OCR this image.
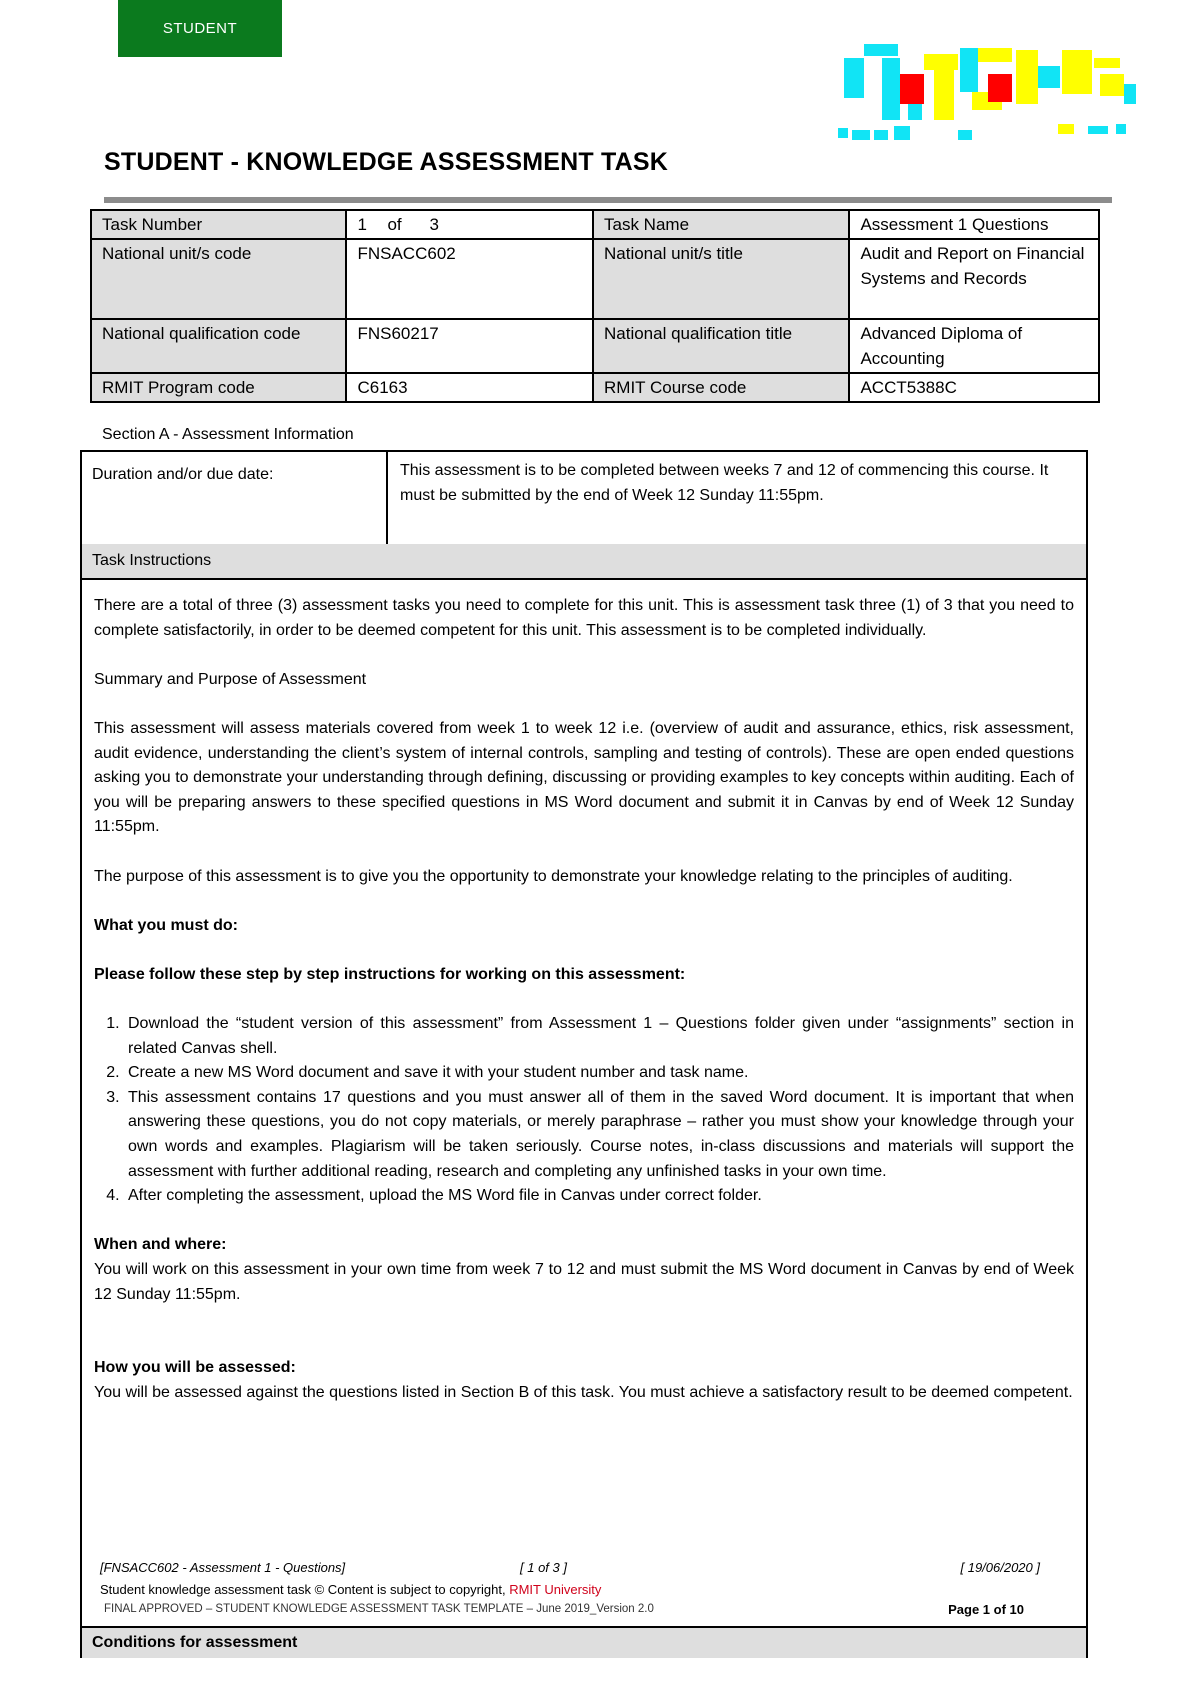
STUDENT
STUDENT - KNOWLEDGE ASSESSMENT TASK
Task Number	1 of 3	Task Name	Assessment 1 Questions
National unit/s code	FNSACC602	National unit/s title	Audit and Report on Financial Systems and Records
National qualification code	FNS60217	National qualification title	Advanced Diploma of Accounting
RMIT Program code	C6163	RMIT Course code	ACCT5388C
Section A - Assessment Information
Duration and/or due date:	This assessment is to be completed between weeks 7 and 12 of commencing this course. It must be submitted by the end of Week 12 Sunday 11:55pm.
Task Instructions

There are a total of three (3) assessment tasks you need to complete for this unit. This is assessment task three (1) of 3 that you need to complete satisfactorily, in order to be deemed competent for this unit. This assessment is to be completed individually.

Summary and Purpose of Assessment

This assessment will assess materials covered from week 1 to week 12 i.e. (overview of audit and assurance, ethics, risk assessment, audit evidence, understanding the client’s system of internal controls, sampling and testing of controls). These are open ended questions asking you to demonstrate your understanding through defining, discussing or providing examples to key concepts within auditing. Each of you will be preparing answers to these specified questions in MS Word document and submit it in Canvas by end of Week 12 Sunday 11:55pm.

The purpose of this assessment is to give you the opportunity to demonstrate your knowledge relating to the principles of auditing.

What you must do:

Please follow these step by step instructions for working on this assessment:

1. Download the “student version of this assessment” from Assessment 1 – Questions folder given under “assignments” section in related Canvas shell.
2. Create a new MS Word document and save it with your student number and task name.
3. This assessment contains 17 questions and you must answer all of them in the saved Word document. It is important that when answering these questions, you do not copy materials, or merely paraphrase – rather you must show your knowledge through your own words and examples. Plagiarism will be taken seriously. Course notes, in-class discussions and materials will support the assessment with further additional reading, research and completing any unfinished tasks in your own time.
4. After completing the assessment, upload the MS Word file in Canvas under correct folder.

When and where:

You will work on this assessment in your own time from week 7 to 12 and must submit the MS Word document in Canvas by end of Week 12 Sunday 11:55pm.

How you will be assessed:

You will be assessed against the questions listed in Section B of this task. You must achieve a satisfactory result to be deemed competent.

Conditions for assessment
[FNSACC602 - Assessment 1 - Questions]	[ 1 of 3 ]	[ 19/06/2020 ]
Student knowledge assessment task © Content is subject to copyright, RMIT University
FINAL APPROVED – STUDENT KNOWLEDGE ASSESSMENT TASK TEMPLATE – June 2019_Version 2.0	Page 1 of 10
